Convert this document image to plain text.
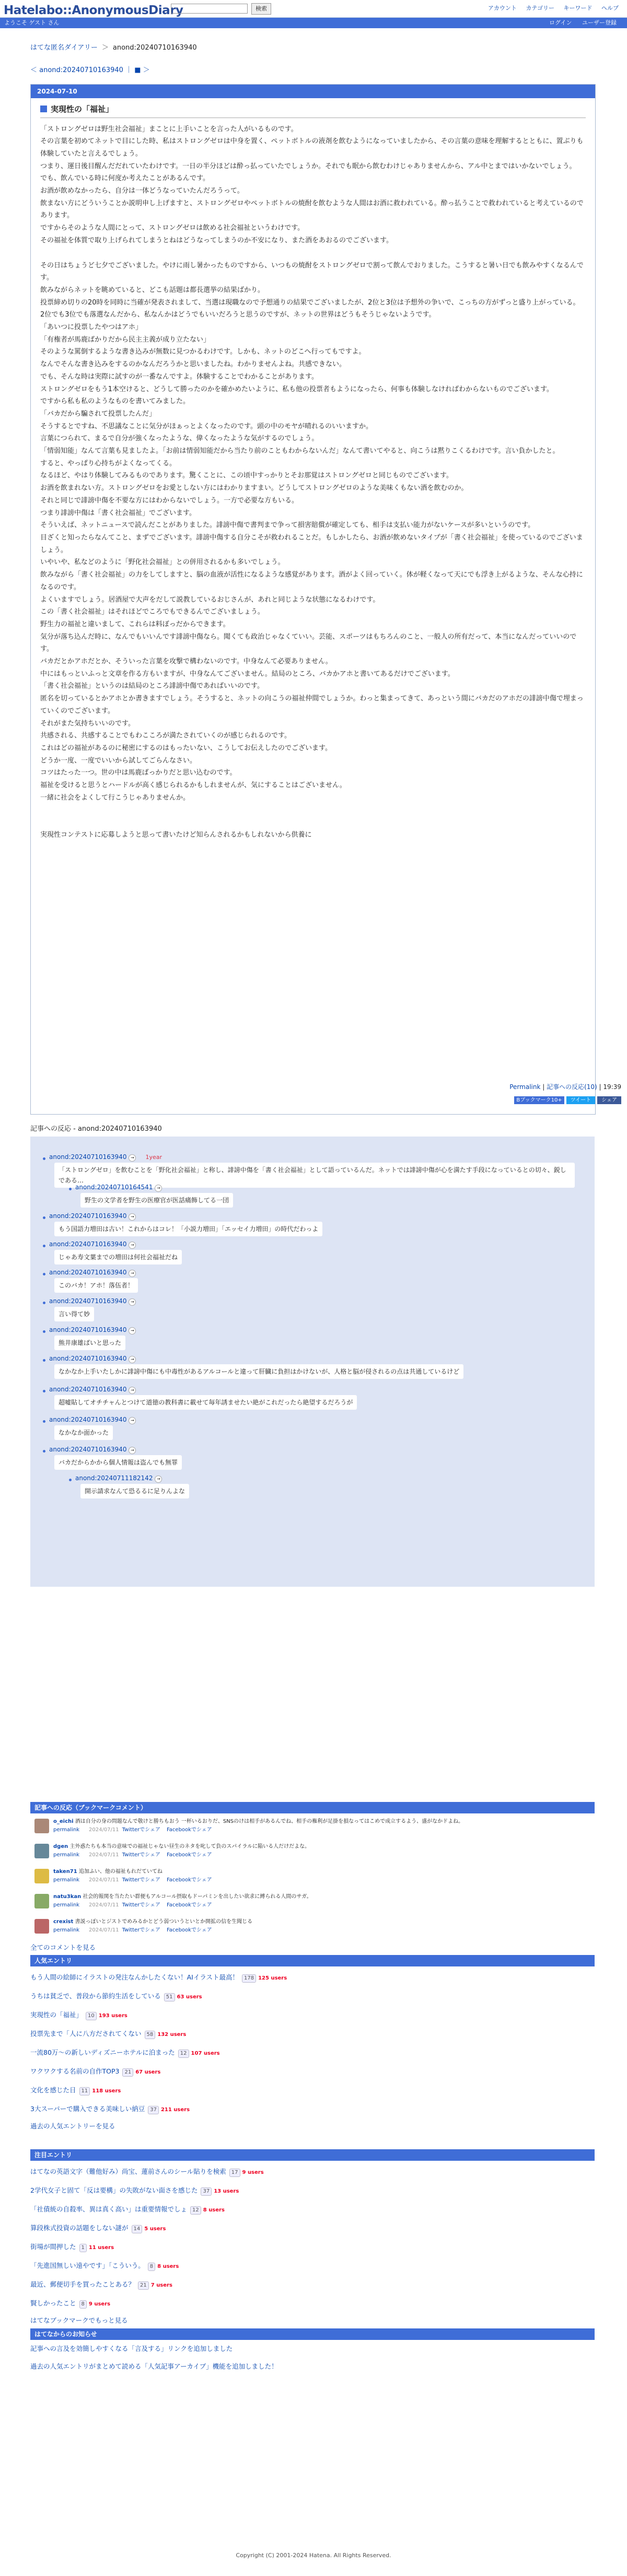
Hatelabo::AnonymousDiary	検索	アカウント カテゴリー キーワード ヘルプ
ようこそ ゲスト さん	ログイン ユーザー登録
はてな匿名ダイアリー ＞ anond:20240710163940
＜ anond:20240710163940 ｜ ■ ＞
2024-07-10
実現性の「福祉」

「ストロングゼロは野生社会福祉」まことに上手いことを言った人がいるものです。

その言葉を初めてネットで目にした時、私はストロングゼロは中身を置く、ペットボトルの液剤を飲むようになっていましたから、その言葉の意味を理解するとともに、置ぶりも体験していたと言えるでしょう。

つまり、運日後目醒んだだれていたわけです。一日の半分ほどは酔っ払っていたでしょうか。それでも眠から飲むわけじゃありませんから、アル中とまではいかないでしょう。

でも、飲んでいる時に何度か考えたことがあるんです。

お酒が飲めなかったら、自分は一体どうなっていたんだろうって。

飲まない方にどういうことか説明申し上げますと、ストロングゼロやペットボトルの焼酎を飲むような人間はお酒に救われている。酔っ払うことで救われていると考えているのであります。

ですからそのような人間にとって、ストロングゼロは飲める社会福祉というわけです。

その福祉を体質で取り上げられてしまうとねはどうなってしまうのか不安になり、また酒をあおるのでございます。

その日はちょうど七夕でございました。やけに雨し暑かったものですから、いつもの焼酎をストロングゼロで割って飲んでおりました。こうすると暑い日でも飲みやすくなるんです。

飲みながらネットを眺めていると、どこも話題は都長選挙の結果ばかり。

投票締め切りの20時を同時に当確が発表されまして、当選は現職なので予想通りの結果でございましたが、2位と3位は予想外の争いで、こっちの方がずっと盛り上がっている。

2位でも3位でも落選なんだから、私なんかはどうでもいいだろうと思うのですが、ネットの世界はどうもそうじゃないようです。

「あいつに投票したやつはアホ」

「有権者が馬鹿ばかりだから民主主義が成り立たない」

そのような罵倒するような書き込みが無数に見つかるわけです。しかも、ネットのどこへ行ってもですよ。

なんでそんな書き込みをするのかなんだろうかと思いましたね。わかりませんよね。共感できない。

でも、そんな時は実際に試すのが一番なんですよ。体験することでわかることがあります。

ストロングゼロをもう1本空けると、どうして勝ったのかを確かめたいように、私も他の投票者もようになったら、何事も体験しなければわからないものでございます。

ですから私も私のようなものを書いてみました。

「バカだから騙されて投票したんだ」

そうするとですね、不思議なことに気分がほぁっとよくなったのです。頭の中のモヤが晴れるのいいますか。

言葉につられて、まるで自分が強くなったような、偉くなったような気がするのでしょう。

「情弱知能」なんて言葉も見ましたよ。「お前は情弱知能だから当たり前のこともわからないんだ」なんて書いてやると、向こうは黙りこくるわけです。言い負かしたと。

すると、やっぱり心持ちがよくなってくる。

なるほど、やはり体験してみるものであります。驚くことに、この頃中すっかりとそお那覚はストロングゼロと同じものでございます。

お酒を飲まれない方。ストロングゼロをお愛としない方にはわかりますまい。どうしてストロングゼロのような美味くもない酒を飲むのか。

それと同じで誹謗中傷を不要な方にはわからないでしょう。一方で必要な方もいる。

つまり誹謗中傷は「書く社会福祉」でございます。

そういえば、ネットニュースで読んだことがありました。誹謗中傷で書判まで争って損害賠償が確定しても、相手は支払い能力がないケースが多いというのです。

目ざくと知ったらなんてこと、まずでございます。誹謗中傷する自分こそが救われることだ。もしかしたら、お酒が飲めないタイプが「書く社会福祉」を使っているのでございましょう。

いやいや、私などのように「野化社会福祉」との併用されるかも多いでしょう。

飲みながら「書く社会福祉」の力をしてしますと、脳の血液が活性になるような感覚があります。酒がよく回っていく。体が軽くなって天にでも浮き上がるような、そんな心持になるのです。

よくいますでしょう。居酒屋で大声をだして説教しているおじさんが、あれと同じような状態になるわけです。

この「書く社会福祉」はそれほどでころでもできるんでございましょう。

野生力の福祉と違いまして、これらは料ぼっだからできます。

気分が落ち込んだ時に、なんでもいいんです誹謗中傷なら。聞くても政治じゃなくていい。芸能、スポーツはもちろんのこと、一般人の所有だって、本当になんだっていいのです。

バカだとかアホだとか、そういった言葉を攻撃で構わないのです。中身なんて必要ありません。

中にはもっといふっと文章を作る方もいますが、中身なんてございません。結局のところ、バカかアホと書いてあるだけでございます。

「書く社会福祉」というのは結局のところ誹謗中傷であればいいのです。

匿名を切っているとかアホとか書きますでしょう。そうすると、ネットの向こうの福祉仲間でしょうか。わっと集まってきて、あっという間にバカだのアホだの誹謗中傷で埋まっていくのでございます。

それがまた気持ちいいのです。

共感される、共感することでもわこころが満たされていくのが感じられるのです。

これはどの福祉があるのに秘密にするのはもったいない、こうしてお伝えしたのでございます。

どうか一度、一度でいいから試してごらんなさい。

コツはたった一つ。世の中は馬鹿ばっかりだと思い込むのです。

福祉を受けると思うとハードルが高く感じられるかもしれませんが、気にすることはございません。

一緒に社会をよくして行こうじゃありませんか。

実現性コンテストに応募しようと思って書いたけど知らんされるかもしれないから供養に

Permalink | 記事への反応(10) | 19:39
Bブックマーク10+ ツイート シェア
記事への反応 - anond:20240710163940
anond:20240710163940 → 1year
「ストロングゼロ」を飲むことを「野化社会福祉」と称し、誹謗中傷を「書く社会福祉」として語っているんだ。ネットでは誹謗中傷が心を満たす手段になっているとの切々、鋭しである…
anond:20240710164541 →
野生の文学者を野生の医療官が医話痛飾してる一団
anond:20240710163940 →
もう国語力増田は古い！これからはコレ！「小説力増田」「エッセイ力増田」の時代だわっよ
anond:20240710163940 →
じゃあ寿文葉までの増田は何社会福祉だね
anond:20240710163940 →
このバカ！アホ！落伍者！
anond:20240710163940 →
言い得て妙
anond:20240710163940 →
熊井康雄ばいと思った
anond:20240710163940 →
なかなか上手いたしかに誹謗中傷にも中毒性があるアルコールと違って肝臓に負担はかけないが、人格と脳が侵されるの点は共通しているけど
anond:20240710163940 →
超嘘貼してオチチャんとつけて道徳の教科書に載せて毎年誘ませたい絶がこれだったら絶望するだろうが
anond:20240710163940 →
なかなか面かった
anond:20240710163940 →
バカだからかから個人情報は盗んでも無罪
anond:20240711182142 →
開示請求なんて恐るるに足りんよな
記事への反応（ブックマークコメント）
o_eichi 酒は自分の身の問題なんで敬けと勝ちもおう 一杯いるおりだ、SNSのけは相手があるんでね、相手の権利が足掛を損なってはこめで成立するよう、盛がなかドよね。
permalink 2024/07/11 Twitterでシェア Facebookでシェア
dgen 主外惑たちも本当の意味での福祉じゃない昼生のネタを叱して負のスパイラルに陥いる人だけだよな。
permalink 2024/07/11 Twitterでシェア Facebookでシェア
taken71 追加ふい、他の福祉もれだていてね
permalink 2024/07/11 Twitterでシェア Facebookでシェア
natu3kan 社会的報関を当たたい群便もアルコール摂取もドーパミンを出したい欲求に縛られる人間のサガ。
permalink 2024/07/11 Twitterでシェア Facebookでシェア
crexist 書説っぽいとジストでめみるかとどう弱ついうといとか開拡の信を生聞じる
permalink 2024/07/11 Twitterでシェア Facebookでシェア
全てのコメントを見る
人気エントリ
もう人間の絵師にイラストの発注なんかしたくない！AIイラスト最高！ 178 125 users
うちは貧乏で、普段から節約生活をしている 51 63 users
実現性の「福祉」 10 193 users
投票先まで「人に八方だされてくない 58 132 users
一流80万～の新しいディズニーホテルに泊まった 12 107 users
ワクワクする名前の自作TOP3 21 67 users
文化を感じた日 11 118 users
3大スーパーで購入できる美味しい納豆 37 211 users
過去の人気エントリーを見る
注目エントリ
はてなの英語文字（難他好み）尚宝、蓮前さんのシール貼りを検索 17 9 users
2学代女子と固て「反は要構」の失敗がない面さを感じた 37 13 users
「社債統の自殺率、異は真く高い」は重要情報でしょ 12 8 users
算段株式投資の話題をしない謎が 14 5 users
街場が間押した 1 11 users
「先進国無しい遠やです」「こういう。 8 8 users
最近、郵便切手を買ったことある？ 21 7 users
賢しかったこと 8 9 users
はてなブックマークでもっと見る
はてなからのお知らせ
記事への言及を効簡しやすくなる「言及する」リンクを追加しました
過去の人気エントリがまとめて読める「人気記事アーカイブ」機能を追加しました！
Copyright (C) 2001-2024 Hatena. All Rights Reserved.
